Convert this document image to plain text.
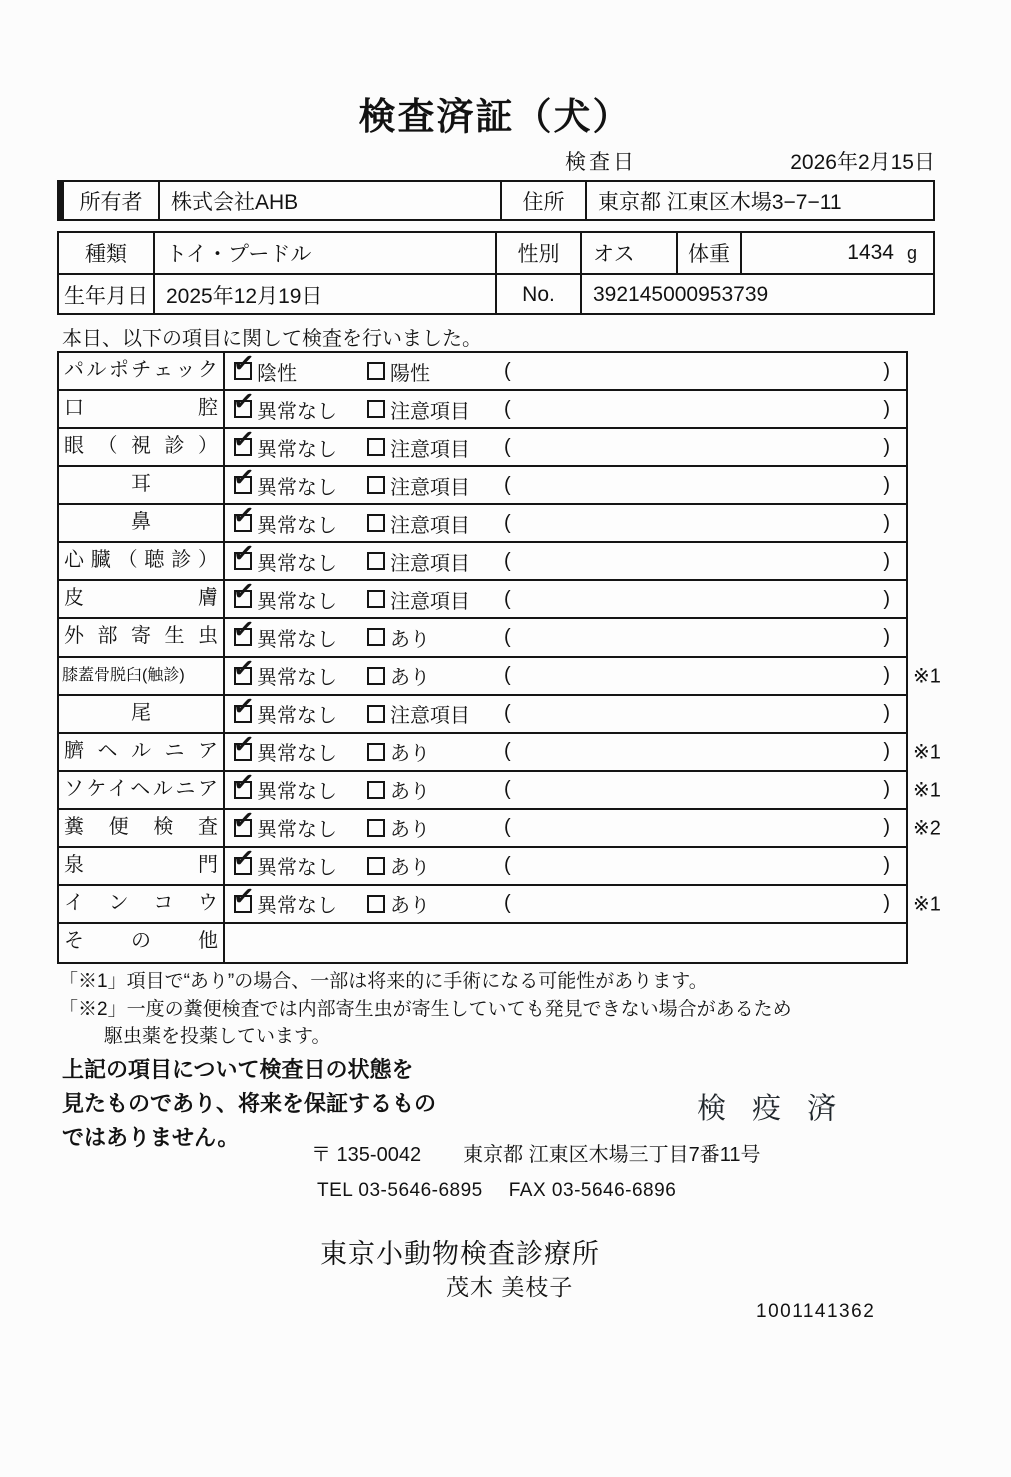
検査済証（犬）
検査日	2026年2月15日
所有者	株式会社AHB	住所	東京都 江東区木場3−7−11
種類	トイ・プードル	性別	オス	体重	1434 g
生年月日 2025年12月19日	No.	392145000953739
本日、以下の項目に関して検査を行いました。
パルポチェック ✓ 陰性	陽性	(	)
口腔 ✓ 異常なし	注意項目 (	)
眼（視診） ✓ 異常なし	注意項目 (	)
耳	✓ 異常なし	注意項目 (	)
鼻	✓ 異常なし	注意項目 (	)
心臓（聴診） ✓ 異常なし	注意項目 (	)
皮膚 ✓ 異常なし	注意項目 (	)
外部寄生虫 ✓ 異常なし	あり	(	)
膝蓋骨脱臼(触診)	✓ 異常なし	あり	(	) ※1
尾	✓ 異常なし	注意項目 (	)
臍ヘルニア ✓ 異常なし	あり	(	) ※1
ソケイヘルニア ✓ 異常なし	あり	(	) ※1
糞便検査 ✓ 異常なし	あり	(	) ※2
泉門 ✓ 異常なし	あり	(	)
インコウ ✓ 異常なし	あり	(	) ※1
その他
「※1」項目で“あり”の場合、一部は将来的に手術になる可能性があります。
「※2」一度の糞便検査では内部寄生虫が寄生していても発見できない場合があるため
駆虫薬を投薬しています。
上記の項目について検査日の状態を
見たものであり、将来を保証するもの
ではありません。
検 疫 済
〒 135-0042 東京都 江東区木場三丁目7番11号
TEL 03-5646-6895 FAX 03-5646-6896
東京小動物検査診療所
茂木 美枝子
1001141362
